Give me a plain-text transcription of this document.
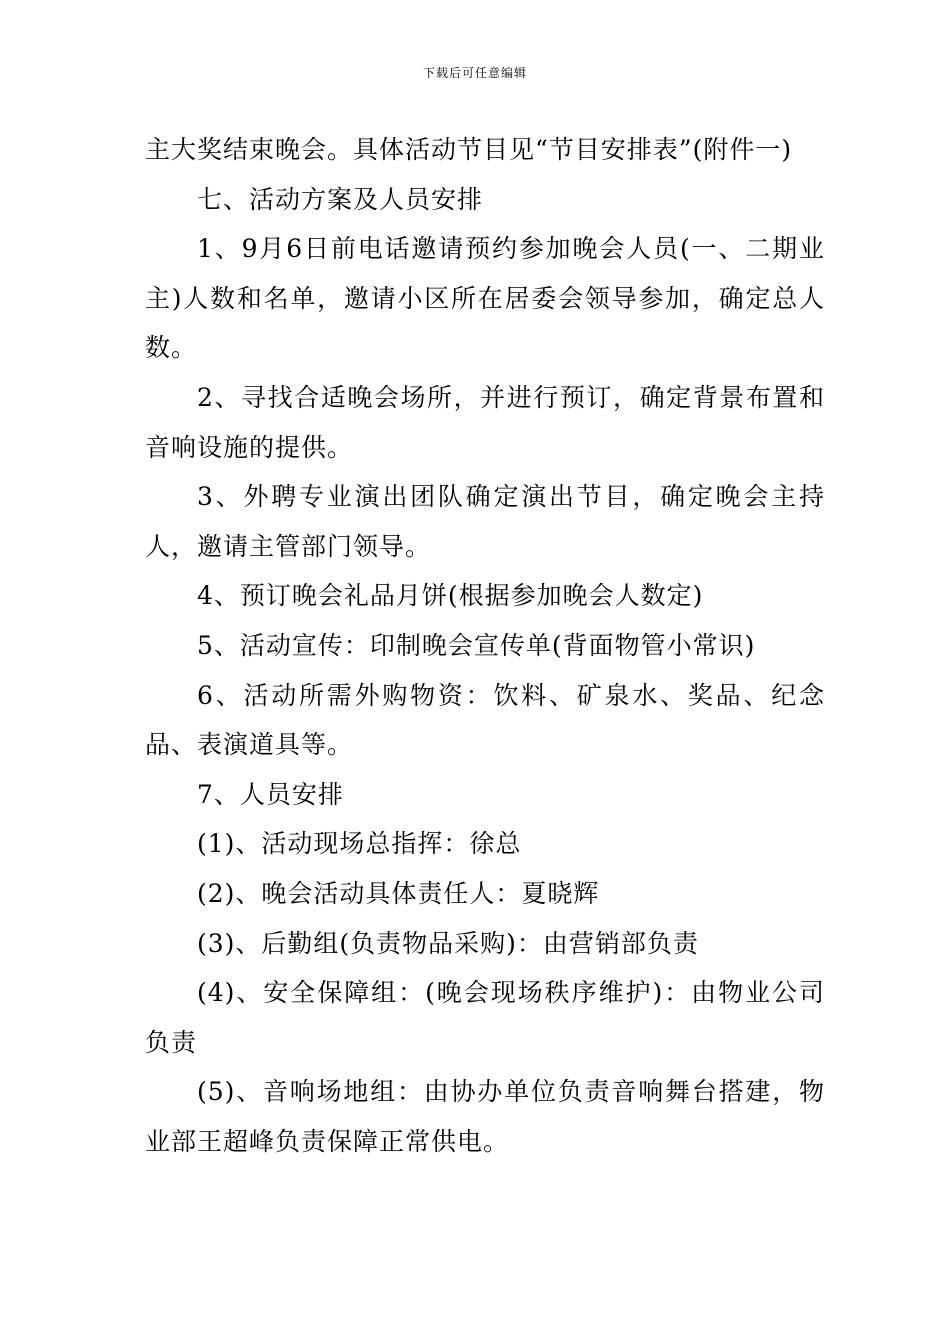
下载后可任意编辑

主大奖结束晚会。具体活动节目见“节目安排表”(附件一)

七、活动方案及人员安排

1、9月6日前电话邀请预约参加晚会人员(一、二期业主)人数和名单，邀请小区所在居委会领导参加，确定总人数。

2、寻找合适晚会场所，并进行预订，确定背景布置和音响设施的提供。

3、外聘专业演出团队确定演出节目，确定晚会主持人，邀请主管部门领导。

4、预订晚会礼品月饼(根据参加晚会人数定)

5、活动宣传：印制晚会宣传单(背面物管小常识)

6、活动所需外购物资：饮料、矿泉水、奖品、纪念品、表演道具等。

7、人员安排

(1)、活动现场总指挥：徐总

(2)、晚会活动具体责任人：夏晓辉

(3)、后勤组(负责物品采购)：由营销部负责

(4)、安全保障组：(晚会现场秩序维护)：由物业公司负责

(5)、音响场地组：由协办单位负责音响舞台搭建，物业部王超峰负责保障正常供电。
